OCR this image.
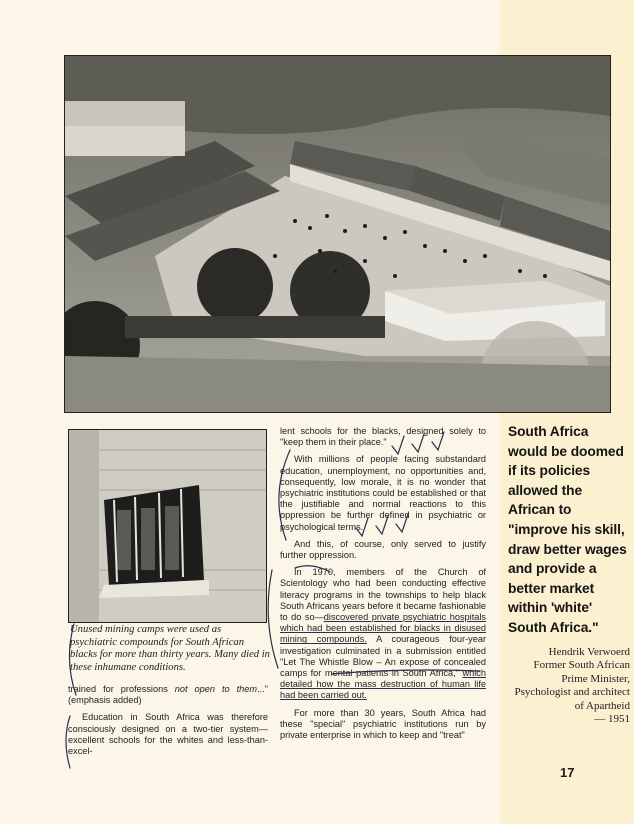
Unused mining camps were used as psychiatric compounds for South African blacks for more than thirty years. Many died in these inhumane conditions.

trained for professions not open to them..." (emphasis added)

Education in South Africa was therefore consciously designed on a two-tier system—excellent schools for the whites and less-than-excel-

lent schools for the blacks, designed solely to "keep them in their place."

With millions of people facing substandard education, unemployment, no opportunities and, consequently, low morale, it is no wonder that psychiatric institutions could be established or that the justifiable and normal reactions to this oppression be further defined in psychiatric or psychological terms.

And this, of course, only served to justify further oppression.

In 1970, members of the Church of Scientology who had been conducting effective literacy programs in the townships to help black South Africans years before it became fashionable to do so—discovered private psychiatric hospitals which had been established for blacks in disused mining compounds. A courageous four-year investigation culminated in a submission entitled "Let The Whistle Blow – An expose of concealed camps for mental patients in South Africa," which detailed how the mass destruction of human life had been carried out.

For more than 30 years, South Africa had these "special" psychiatric institutions run by private enterprise in which to keep and "treat"

South Africa would be doomed if its policies allowed the African to "improve his skill, draw better wages and provide a better market within 'white' South Africa."

Hendrik Verwoerd
Former South African Prime Minister, Psychologist and architect of Apartheid
— 1951
17
